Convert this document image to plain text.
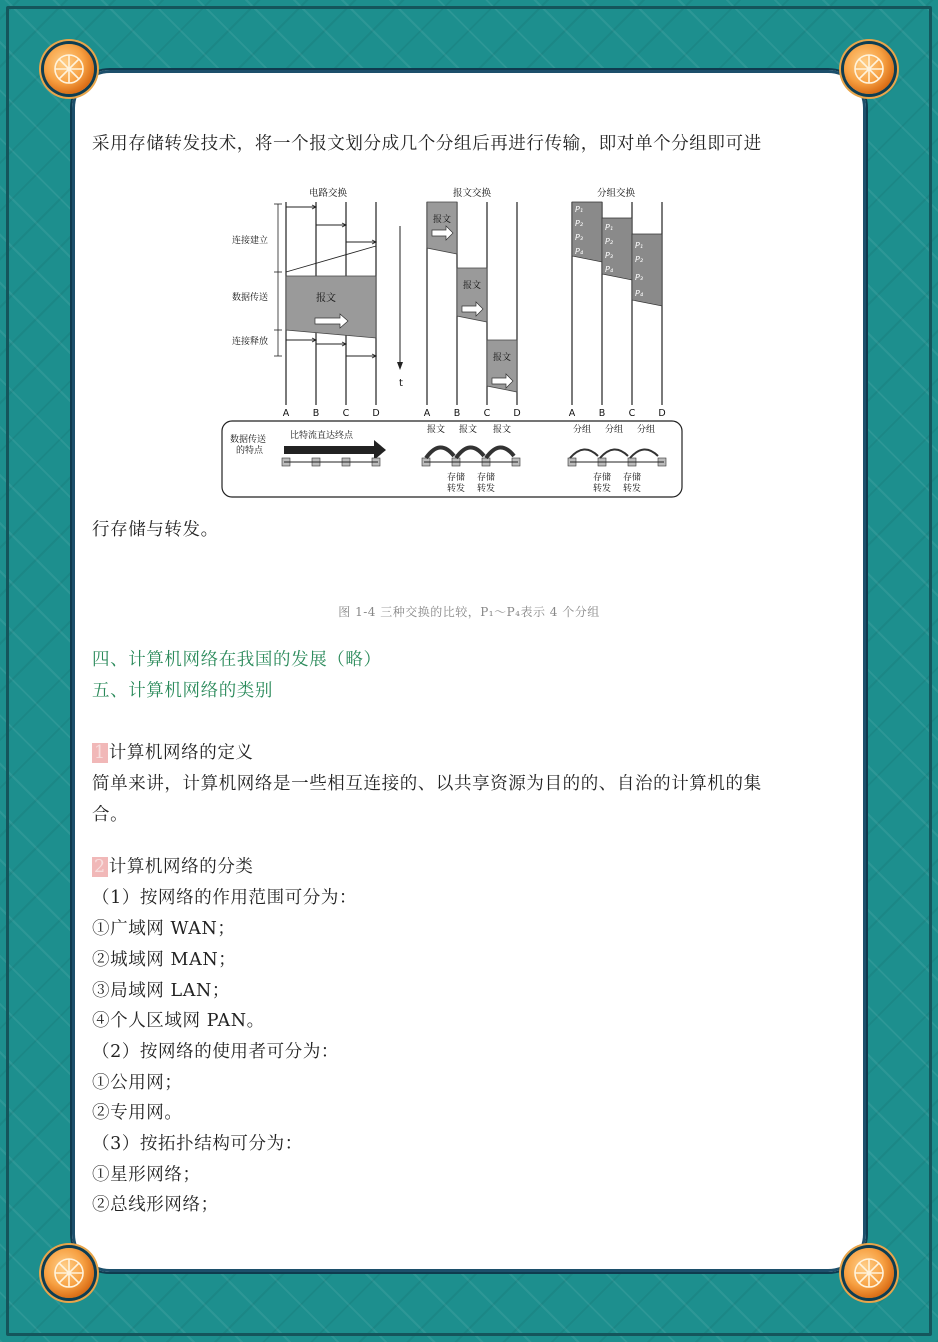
采用存储转发技术，将一个报文划分成几个分组后再进行传输，即对单个分组即可进
电路交换	报文交换	分组交换
连接建立
数据传送
连接释放
报文
t
报文
报文
报文
P₁
P₂
P₃
P₄
P₁
P₂
P₃
P₄
P₁
P₂
P₃
P₄
A B C D	A B C D	A B C D
数据传送
的特点
比特流直达终点
报文 报文 报文	分组 分组 分组
存储
转发
存储
转发
存储
转发
存储
转发
行存储与转发。
图 1-4 三种交换的比较，P₁～P₄表示 4 个分组
四、计算机网络在我国的发展（略）
五、计算机网络的类别
1 计算机网络的定义
简单来讲，计算机网络是一些相互连接的、以共享资源为目的的、自治的计算机的集
合。
2 计算机网络的分类
（1）按网络的作用范围可分为：
①广域网 WAN；
②城域网 MAN；
③局域网 LAN；
④个人区域网 PAN。
（2）按网络的使用者可分为：
①公用网；
②专用网。
（3）按拓扑结构可分为：
①星形网络；
②总线形网络；
